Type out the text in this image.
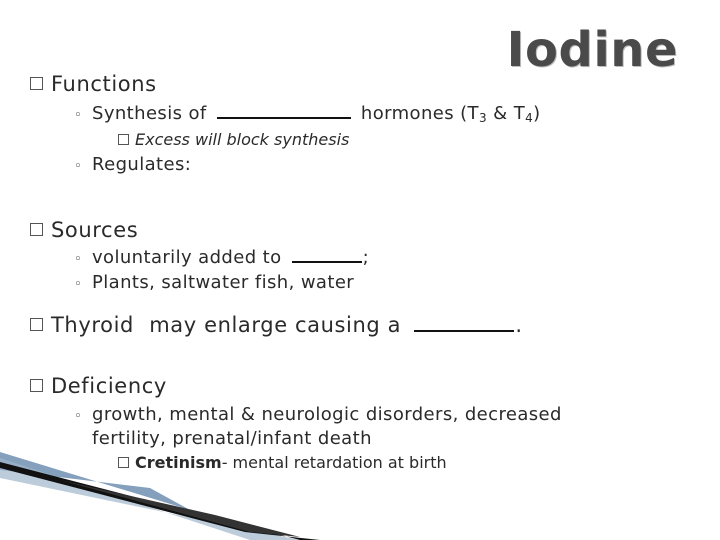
Iodine
Functions
◦ Synthesis of	hormones ($T_3$ & $T_4$)
Excess will block synthesis
◦ Regulates:
Sources
◦ voluntarily added to	;
◦ Plants, saltwater fish, water
Thyroid may enlarge causing a	.
Deficiency
◦ growth, mental & neurologic disorders, decreased
fertility, prenatal/infant death
Cretinism- mental retardation at birth
